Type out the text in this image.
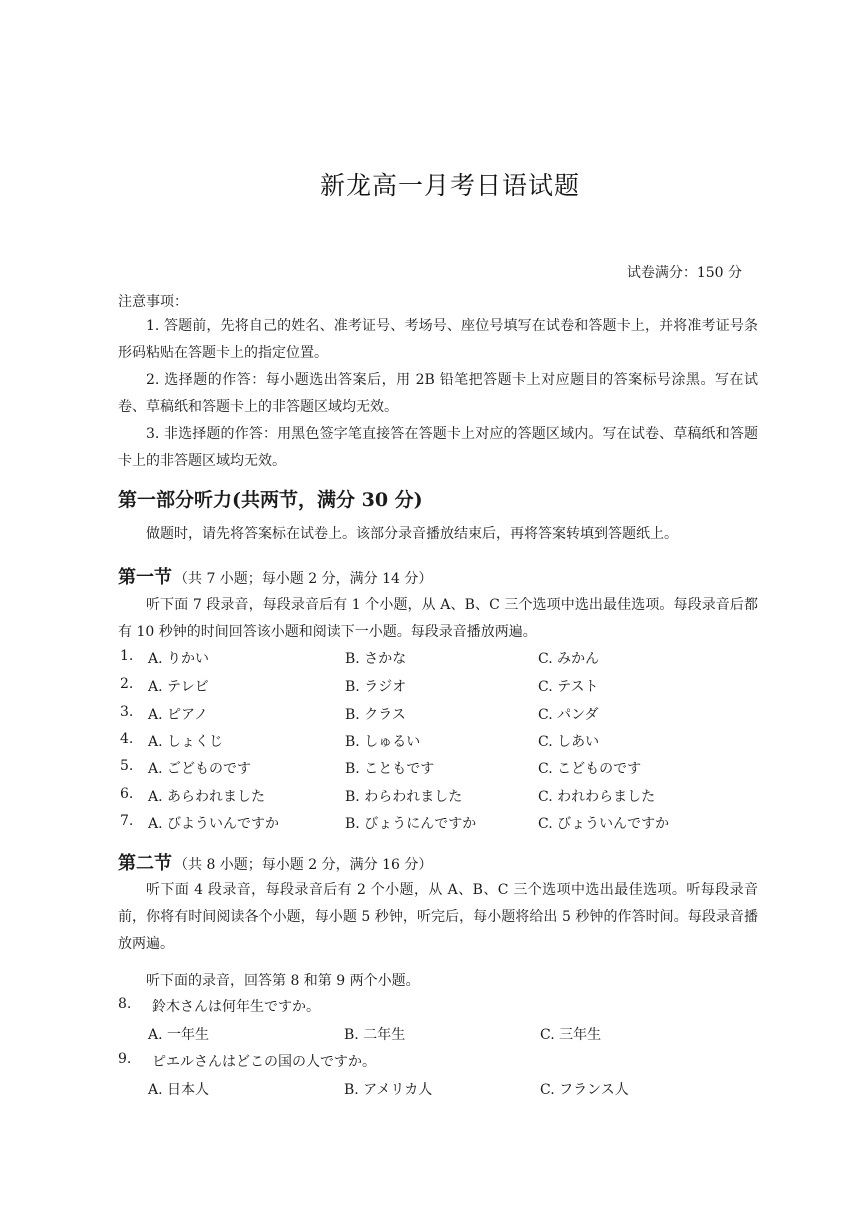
新龙高一月考日语试题
试卷满分：150 分
注意事项：
1. 答题前，先将自己的姓名、准考证号、考场号、座位号填写在试卷和答题卡上，并将准考证号条形码粘贴在答题卡上的指定位置。
2. 选择题的作答：每小题选出答案后，用 2B 铅笔把答题卡上对应题目的答案标号涂黑。写在试卷、草稿纸和答题卡上的非答题区域均无效。
3. 非选择题的作答：用黑色签字笔直接答在答题卡上对应的答题区域内。写在试卷、草稿纸和答题卡上的非答题区域均无效。
第一部分听力(共两节，满分 30 分)
做题时，请先将答案标在试卷上。该部分录音播放结束后，再将答案转填到答题纸上。
第一节 （共 7 小题；每小题 2 分，满分 14 分）
听下面 7 段录音，每段录音后有 1 个小题，从 A、B、C 三个选项中选出最佳选项。每段录音后都有 10 秒钟的时间回答该小题和阅读下一小题。每段录音播放两遍。
1. A. りかい	B. さかな	C. みかん
2. A. テレビ	B. ラジオ	C. テスト
3. A. ピアノ	B. クラス	C. パンダ
4. A. しょくじ	B. しゅるい	C. しあい
5. A. ごどものです	B. こともです	C. こどものです
6. A. あらわれました	B. わらわれました	C. われわらました
7. A. びよういんですか	B. びょうにんですか	C. びょういんですか
第二节 （共 8 小题；每小题 2 分，满分 16 分）
听下面 4 段录音，每段录音后有 2 个小题，从 A、B、C 三个选项中选出最佳选项。听每段录音前，你将有时间阅读各个小题，每小题 5 秒钟，听完后，每小题将给出 5 秒钟的作答时间。每段录音播放两遍。
听下面的录音，回答第 8 和第 9 两个小题。
8. 鈴木さんは何年生ですか。
A. 一年生	B. 二年生	C. 三年生
9. ピエルさんはどこの国の人ですか。
A. 日本人	B. アメリカ人	C. フランス人
